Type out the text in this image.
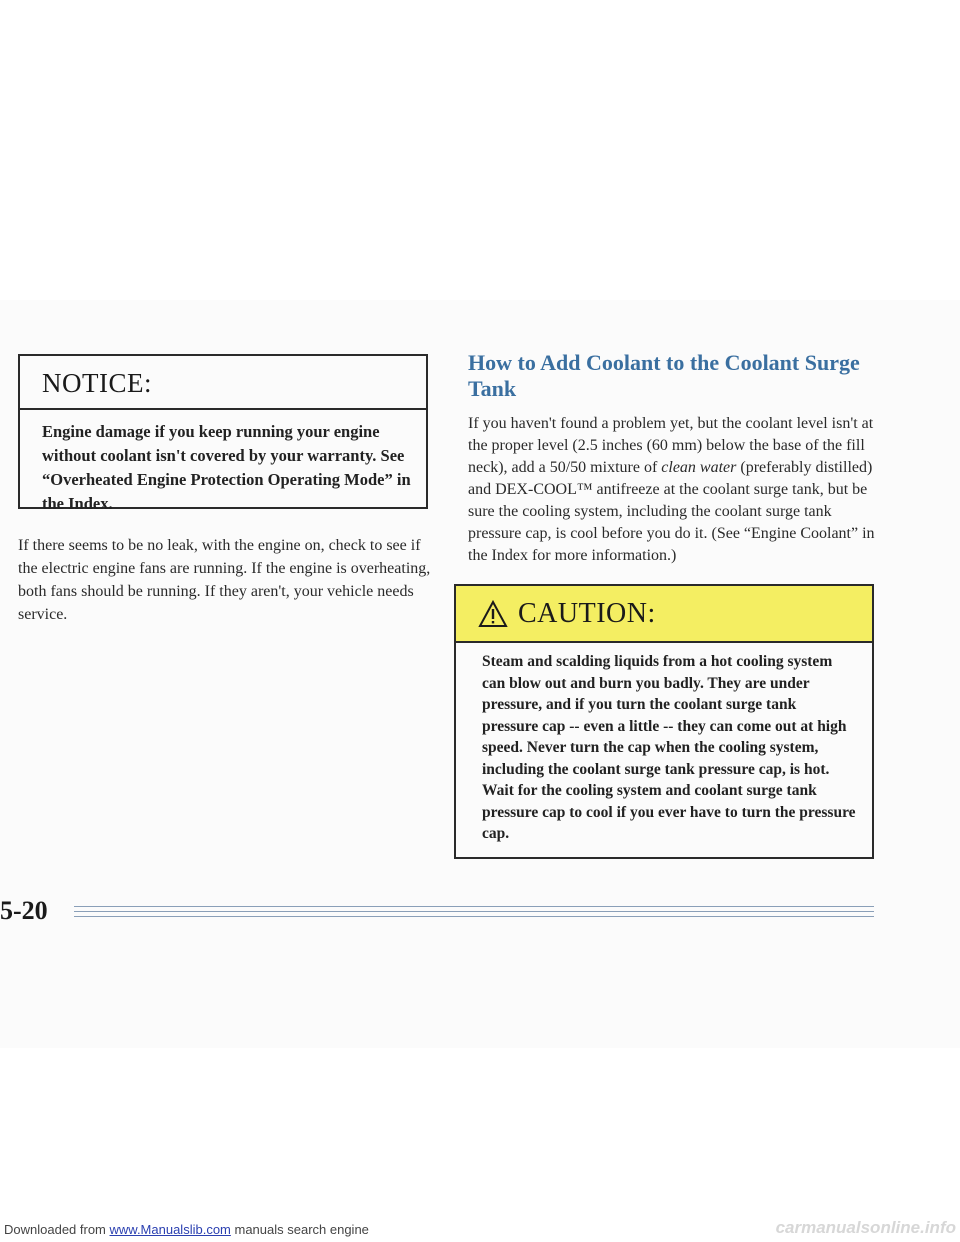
NOTICE:
Engine damage if you keep running your engine without coolant isn't covered by your warranty. See “Overheated Engine Protection Operating Mode” in the Index.
If there seems to be no leak, with the engine on, check to see if the electric engine fans are running. If the engine is overheating, both fans should be running. If they aren't, your vehicle needs service.
How to Add Coolant to the Coolant Surge Tank
If you haven't found a problem yet, but the coolant level isn't at the proper level (2.5 inches (60 mm) below the base of the fill neck), add a 50/50 mixture of clean water (preferably distilled) and DEX-COOL™ antifreeze at the coolant surge tank, but be sure the cooling system, including the coolant surge tank pressure cap, is cool before you do it. (See “Engine Coolant” in the Index for more information.)
CAUTION:
Steam and scalding liquids from a hot cooling system can blow out and burn you badly. They are under pressure, and if you turn the coolant surge tank pressure cap -- even a little -- they can come out at high speed. Never turn the cap when the cooling system, including the coolant surge tank pressure cap, is hot. Wait for the cooling system and coolant surge tank pressure cap to cool if you ever have to turn the pressure cap.
5-20
Downloaded from www.Manualslib.com manuals search engine	carmanualsonline.info
